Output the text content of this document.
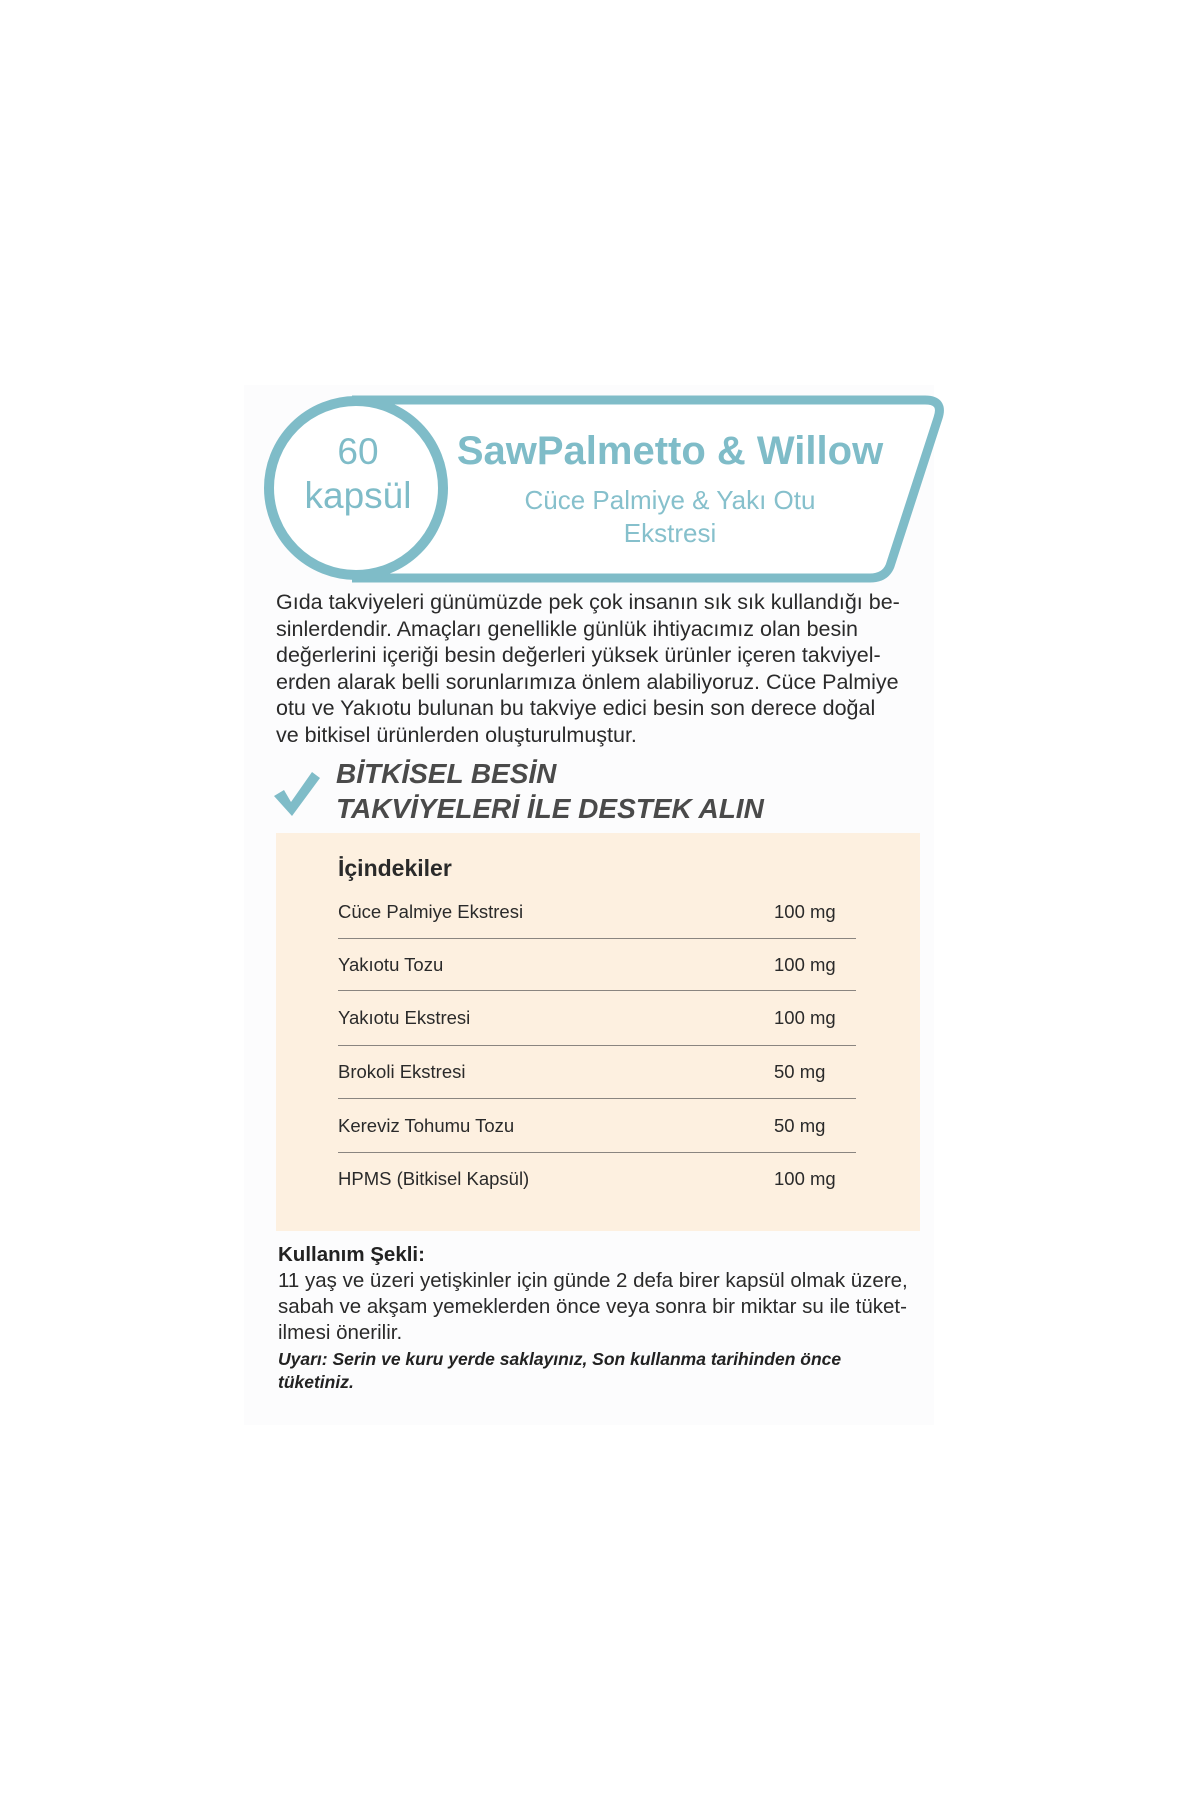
60
kapsül
SawPalmetto & Willow
Cüce Palmiye & Yakı Otu
Ekstresi
Gıda takviyeleri günümüzde pek çok insanın sık sık kullandığı be-
sinlerdendir. Amaçları genellikle günlük ihtiyacımız olan besin
değerlerini içeriği besin değerleri yüksek ürünler içeren takviyel-
erden alarak belli sorunlarımıza önlem alabiliyoruz. Cüce Palmiye
otu ve Yakıotu bulunan bu takviye edici besin son derece doğal
ve bitkisel ürünlerden oluşturulmuştur.
BİTKİSEL BESİN
TAKVİYELERİ İLE DESTEK ALIN
İçindekiler
Cüce Palmiye Ekstresi	100 mg
Yakıotu Tozu	100 mg
Yakıotu Ekstresi	100 mg
Brokoli Ekstresi	50 mg
Kereviz Tohumu Tozu	50 mg
HPMS (Bitkisel Kapsül)	100 mg
Kullanım Şekli:
11 yaş ve üzeri yetişkinler için günde 2 defa birer kapsül olmak üzere,
sabah ve akşam yemeklerden önce veya sonra bir miktar su ile tüket-
ilmesi önerilir.
Uyarı: Serin ve kuru yerde saklayınız, Son kullanma tarihinden önce
tüketiniz.
